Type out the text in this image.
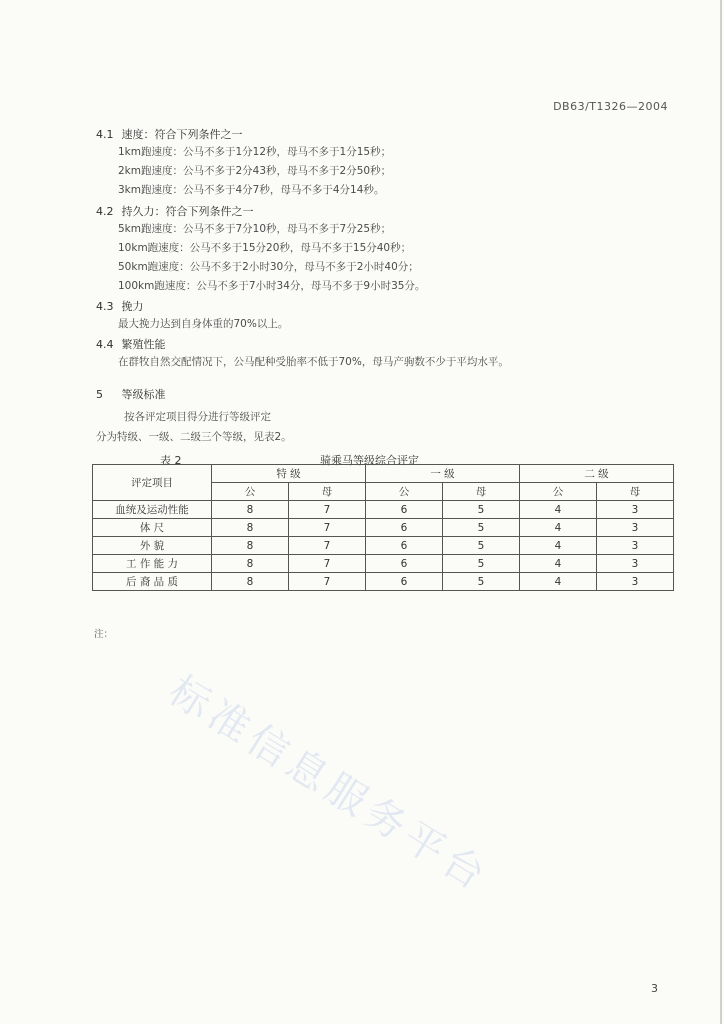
DB63/T1326—2004
4.1 速度：符合下列条件之一
1km跑速度：公马不多于1分12秒，母马不多于1分15秒；
2km跑速度：公马不多于2分43秒，母马不多于2分50秒；
3km跑速度：公马不多于4分7秒，母马不多于4分14秒。
4.2 持久力：符合下列条件之一
5km跑速度：公马不多于7分10秒，母马不多于7分25秒；
10km跑速度：公马不多于15分20秒，母马不多于15分40秒；
50km跑速度：公马不多于2小时30分，母马不多于2小时40分；
100km跑速度：公马不多于7小时34分，母马不多于9小时35分。
4.3 挽力
最大挽力达到自身体重的70%以上。
4.4 繁殖性能
在群牧自然交配情况下，公马配种受胎率不低于70%，母马产驹数不少于平均水平。
5 等级标准
按各评定项目得分进行等级评定
分为特级、一级、二级三个等级，见表2。
表 2	骑乘马等级综合评定
评定项目	特 级		一 级		二 级	
	公	母	公	母	公	母
血统及运动性能	8	7	6	5	4	3
体 尺	8	7	6	5	4	3
外 貌	8	7	6	5	4	3
工 作 能 力	8	7	6	5	4	3
后 裔 品 质	8	7	6	5	4	3
注：
标准信息服务平台
3
